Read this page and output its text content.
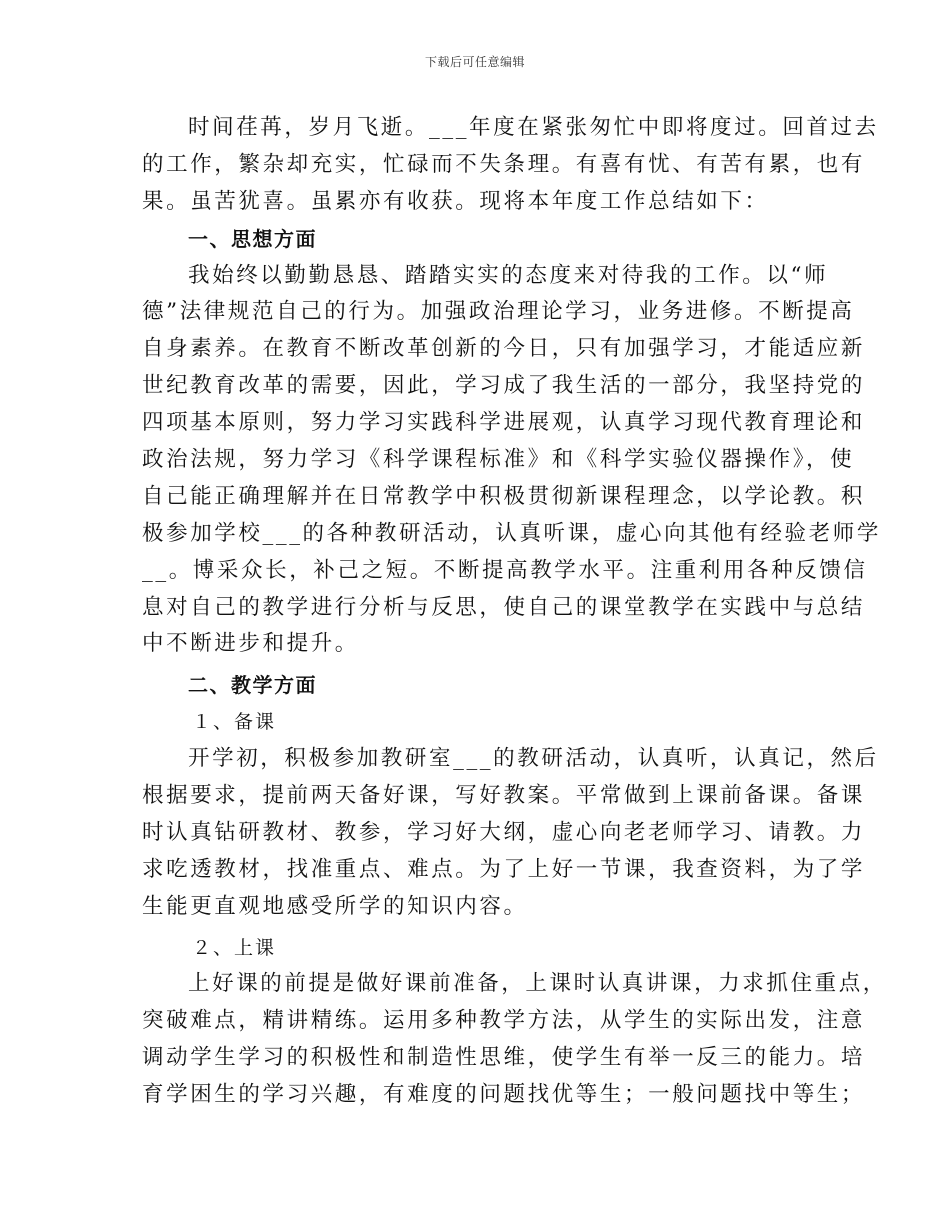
下载后可任意编辑
时间荏苒，岁月飞逝。___年度在紧张匆忙中即将度过。回首过去
的工作，繁杂却充实，忙碌而不失条理。有喜有忧、有苦有累，也有
果。虽苦犹喜。虽累亦有收获。现将本年度工作总结如下：
一、思想方面
我始终以勤勤恳恳、踏踏实实的态度来对待我的工作。以“师
德”法律规范自己的行为。加强政治理论学习，业务进修。不断提高
自身素养。在教育不断改革创新的今日，只有加强学习，才能适应新
世纪教育改革的需要，因此，学习成了我生活的一部分，我坚持党的
四项基本原则，努力学习实践科学进展观，认真学习现代教育理论和
政治法规，努力学习《科学课程标准》和《科学实验仪器操作》，使
自己能正确理解并在日常教学中积极贯彻新课程理念，以学论教。积
极参加学校___的各种教研活动，认真听课，虚心向其他有经验老师学
__。博采众长，补己之短。不断提高教学水平。注重利用各种反馈信
息对自己的教学进行分析与反思，使自己的课堂教学在实践中与总结
中不断进步和提升。
二、教学方面
１、备课
开学初，积极参加教研室___的教研活动，认真听，认真记，然后
根据要求，提前两天备好课，写好教案。平常做到上课前备课。备课
时认真钻研教材、教参，学习好大纲，虚心向老老师学习、请教。力
求吃透教材，找准重点、难点。为了上好一节课，我查资料，为了学
生能更直观地感受所学的知识内容。
２、上课
上好课的前提是做好课前准备，上课时认真讲课，力求抓住重点，
突破难点，精讲精练。运用多种教学方法，从学生的实际出发，注意
调动学生学习的积极性和制造性思维，使学生有举一反三的能力。培
育学困生的学习兴趣，有难度的问题找优等生；一般问题找中等生；
